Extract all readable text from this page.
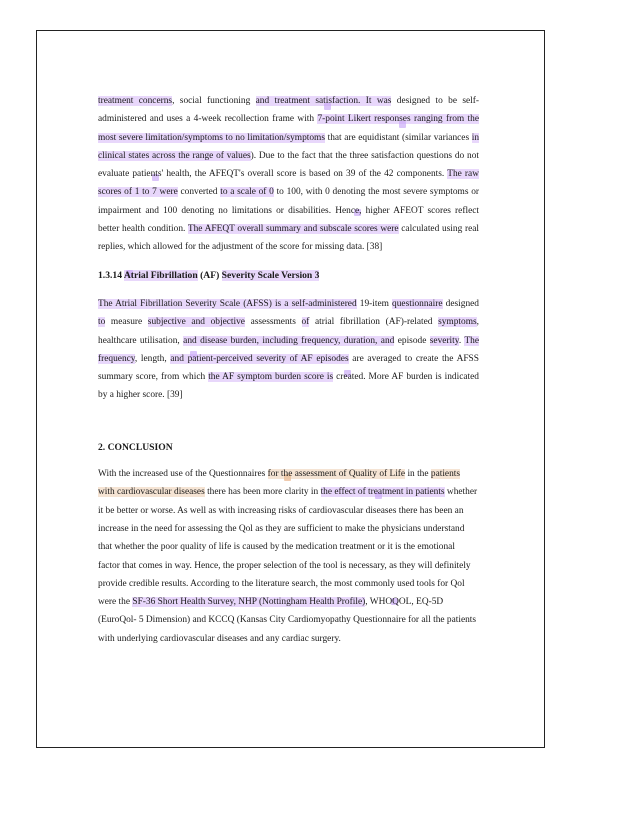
treatment concerns, social functioning and treatment satisfaction. It was designed to be self-administered and uses a 4-week recollection frame with 7-point Likert responses ranging from the most severe limitation/symptoms to no limitation/symptoms that are equidistant (similar variances in clinical states across the range of values). Due to the fact that the three satisfaction questions do not evaluate patients' health, the AFEQT's overall score is based on 39 of the 42 components. The raw scores of 1 to 7 were converted to a scale of 0 to 100, with 0 denoting the most severe symptoms or impairment and 100 denoting no limitations or disabilities. Hence, higher AFEOT scores reflect better health condition. The AFEQT overall summary and subscale scores were calculated using real replies, which allowed for the adjustment of the score for missing data. [38]

1.3.14 Atrial Fibrillation (AF) Severity Scale Version 3

The Atrial Fibrillation Severity Scale (AFSS) is a self-administered 19-item questionnaire designed to measure subjective and objective assessments of atrial fibrillation (AF)-related symptoms, healthcare utilisation, and disease burden, including frequency, duration, and episode severity. The frequency, length, and patient-perceived severity of AF episodes are averaged to create the AFSS summary score, from which the AF symptom burden score is created. More AF burden is indicated by a higher score. [39]

2. CONCLUSION

With the increased use of the Questionnaires for the assessment of Quality of Life in the patients with cardiovascular diseases there has been more clarity in the effect of treatment in patients whether it be better or worse. As well as with increasing risks of cardiovascular diseases there has been an increase in the need for assessing the Qol as they are sufficient to make the physicians understand that whether the poor quality of life is caused by the medication treatment or it is the emotional factor that comes in way. Hence, the proper selection of the tool is necessary, as they will definitely provide credible results. According to the literature search, the most commonly used tools for Qol were the SF-36 Short Health Survey, NHP (Nottingham Health Profile), WHOQOL, EQ-5D (EuroQol- 5 Dimension) and KCCQ (Kansas City Cardiomyopathy Questionnaire for all the patients with underlying cardiovascular diseases and any cardiac surgery.
